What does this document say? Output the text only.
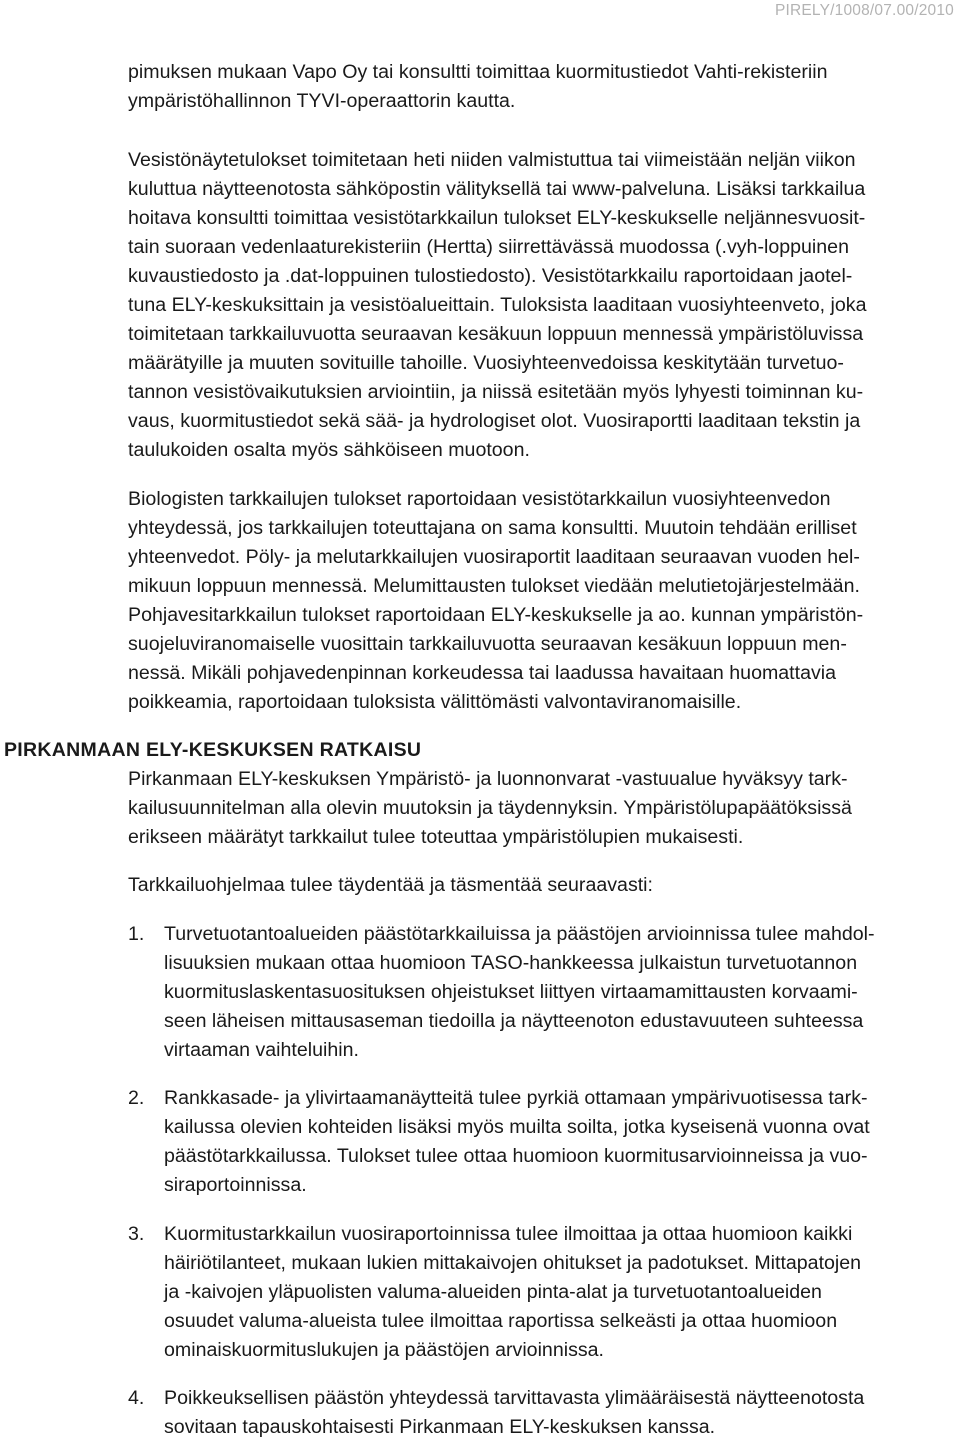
PIRELY/1008/07.00/2010

pimuksen mukaan Vapo Oy tai konsultti toimittaa kuormitustiedot Vahti-rekisteriin
ympäristöhallinnon TYVI-operaattorin kautta.

Vesistönäytetulokset toimitetaan heti niiden valmistuttua tai viimeistään neljän viikon
kuluttua näytteenotosta sähköpostin välityksellä tai www-palveluna. Lisäksi tarkkailua
hoitava konsultti toimittaa vesistötarkkailun tulokset ELY-keskukselle neljännesvuosit-
tain suoraan vedenlaaturekisteriin (Hertta) siirrettävässä muodossa (.vyh-loppuinen
kuvaustiedosto ja .dat-loppuinen tulostiedosto). Vesistötarkkailu raportoidaan jaotel-
tuna ELY-keskuksittain ja vesistöalueittain. Tuloksista laaditaan vuosiyhteenveto, joka
toimitetaan tarkkailuvuotta seuraavan kesäkuun loppuun mennessä ympäristöluvissa
määrätyille ja muuten sovituille tahoille. Vuosiyhteenvedoissa keskitytään turvetuo-
tannon vesistövaikutuksien arviointiin, ja niissä esitetään myös lyhyesti toiminnan ku-
vaus, kuormitustiedot sekä sää- ja hydrologiset olot. Vuosiraportti laaditaan tekstin ja
taulukoiden osalta myös sähköiseen muotoon.

Biologisten tarkkailujen tulokset raportoidaan vesistötarkkailun vuosiyhteenvedon
yhteydessä, jos tarkkailujen toteuttajana on sama konsultti. Muutoin tehdään erilliset
yhteenvedot. Pöly- ja melutarkkailujen vuosiraportit laaditaan seuraavan vuoden hel-
mikuun loppuun mennessä. Melumittausten tulokset viedään melutietojärjestelmään.
Pohjavesitarkkailun tulokset raportoidaan ELY-keskukselle ja ao. kunnan ympäristön-
suojeluviranomaiselle vuosittain tarkkailuvuotta seuraavan kesäkuun loppuun men-
nessä. Mikäli pohjavedenpinnan korkeudessa tai laadussa havaitaan huomattavia
poikkeamia, raportoidaan tuloksista välittömästi valvontaviranomaisille.

PIRKANMAAN ELY-KESKUKSEN RATKAISU

Pirkanmaan ELY-keskuksen Ympäristö- ja luonnonvarat -vastuualue hyväksyy tark-
kailusuunnitelman alla olevin muutoksin ja täydennyksin. Ympäristölupapäätöksissä
erikseen määrätyt tarkkailut tulee toteuttaa ympäristölupien mukaisesti.

Tarkkailuohjelmaa tulee täydentää ja täsmentää seuraavasti:

1.	Turvetuotantoalueiden päästötarkkailuissa ja päästöjen arvioinnissa tulee mahdol-
lisuuksien mukaan ottaa huomioon TASO-hankkeessa julkaistun turvetuotannon
kuormituslaskentasuosituksen ohjeistukset liittyen virtaamamittausten korvaami-
seen läheisen mittausaseman tiedoilla ja näytteenoton edustavuuteen suhteessa
virtaaman vaihteluihin.
2.	Rankkasade- ja ylivirtaamanäytteitä tulee pyrkiä ottamaan ympärivuotisessa tark-
kailussa olevien kohteiden lisäksi myös muilta soilta, jotka kyseisenä vuonna ovat
päästötarkkailussa. Tulokset tulee ottaa huomioon kuormitusarvioinneissa ja vuo-
siraportoinnissa.
3.	Kuormitustarkkailun vuosiraportoinnissa tulee ilmoittaa ja ottaa huomioon kaikki
häiriötilanteet, mukaan lukien mittakaivojen ohitukset ja padotukset. Mittapatojen
ja -kaivojen yläpuolisten valuma-alueiden pinta-alat ja turvetuotantoalueiden
osuudet valuma-alueista tulee ilmoittaa raportissa selkeästi ja ottaa huomioon
ominaiskuormituslukujen ja päästöjen arvioinnissa.
4.	Poikkeuksellisen päästön yhteydessä tarvittavasta ylimääräisestä näytteenotosta
sovitaan tapauskohtaisesti Pirkanmaan ELY-keskuksen kanssa.
